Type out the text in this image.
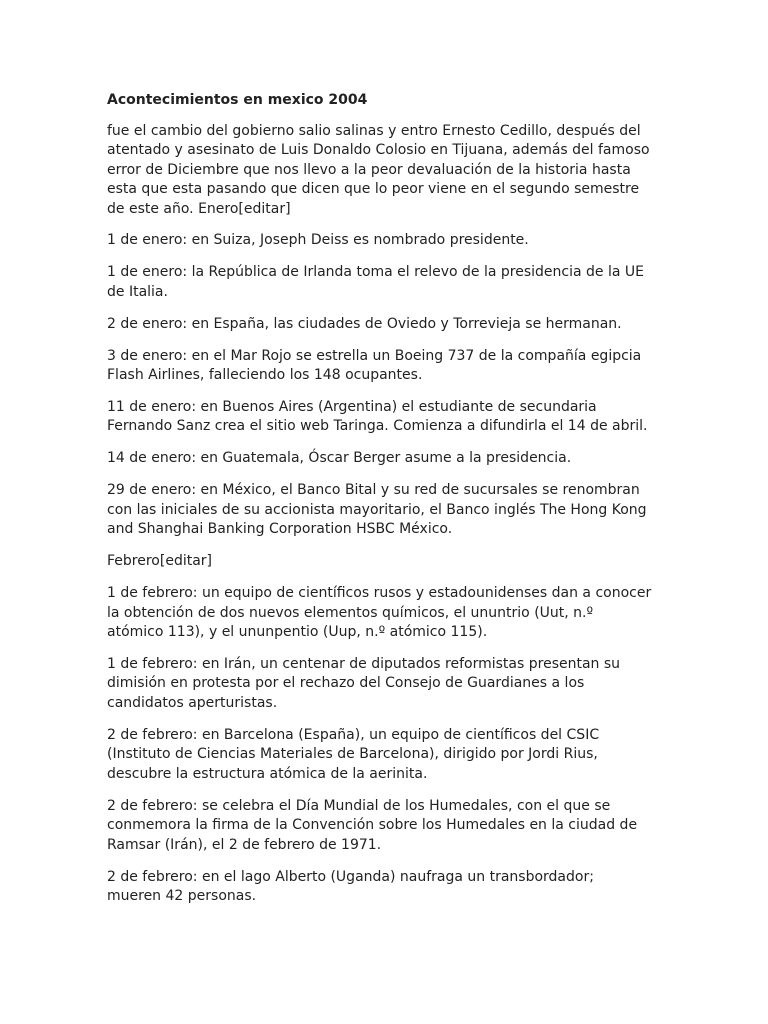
Acontecimientos en mexico 2004
fue el cambio del gobierno salio salinas y entro Ernesto Cedillo, después del atentado y asesinato de Luis Donaldo Colosio en Tijuana, además del famoso error de Diciembre que nos llevo a la peor devaluación de la historia hasta esta que esta pasando que dicen que lo peor viene en el segundo semestre de este año. Enero[editar]
1 de enero: en Suiza, Joseph Deiss es nombrado presidente.
1 de enero: la República de Irlanda toma el relevo de la presidencia de la UE de Italia.
2 de enero: en España, las ciudades de Oviedo y Torrevieja se hermanan.
3 de enero: en el Mar Rojo se estrella un Boeing 737 de la compañía egipcia Flash Airlines, falleciendo los 148 ocupantes.
11 de enero: en Buenos Aires (Argentina) el estudiante de secundaria Fernando Sanz crea el sitio web Taringa. Comienza a difundirla el 14 de abril.
14 de enero: en Guatemala, Óscar Berger asume a la presidencia.
29 de enero: en México, el Banco Bital y su red de sucursales se renombran con las iniciales de su accionista mayoritario, el Banco inglés The Hong Kong and Shanghai Banking Corporation HSBC México.
Febrero[editar]
1 de febrero: un equipo de científicos rusos y estadounidenses dan a conocer la obtención de dos nuevos elementos químicos, el ununtrio (Uut, n.º atómico 113), y el ununpentio (Uup, n.º atómico 115).
1 de febrero: en Irán, un centenar de diputados reformistas presentan su dimisión en protesta por el rechazo del Consejo de Guardianes a los candidatos aperturistas.
2 de febrero: en Barcelona (España), un equipo de científicos del CSIC (Instituto de Ciencias Materiales de Barcelona), dirigido por Jordi Rius, descubre la estructura atómica de la aerinita.
2 de febrero: se celebra el Día Mundial de los Humedales, con el que se conmemora la firma de la Convención sobre los Humedales en la ciudad de Ramsar (Irán), el 2 de febrero de 1971.
2 de febrero: en el lago Alberto (Uganda) naufraga un transbordador; mueren 42 personas.
